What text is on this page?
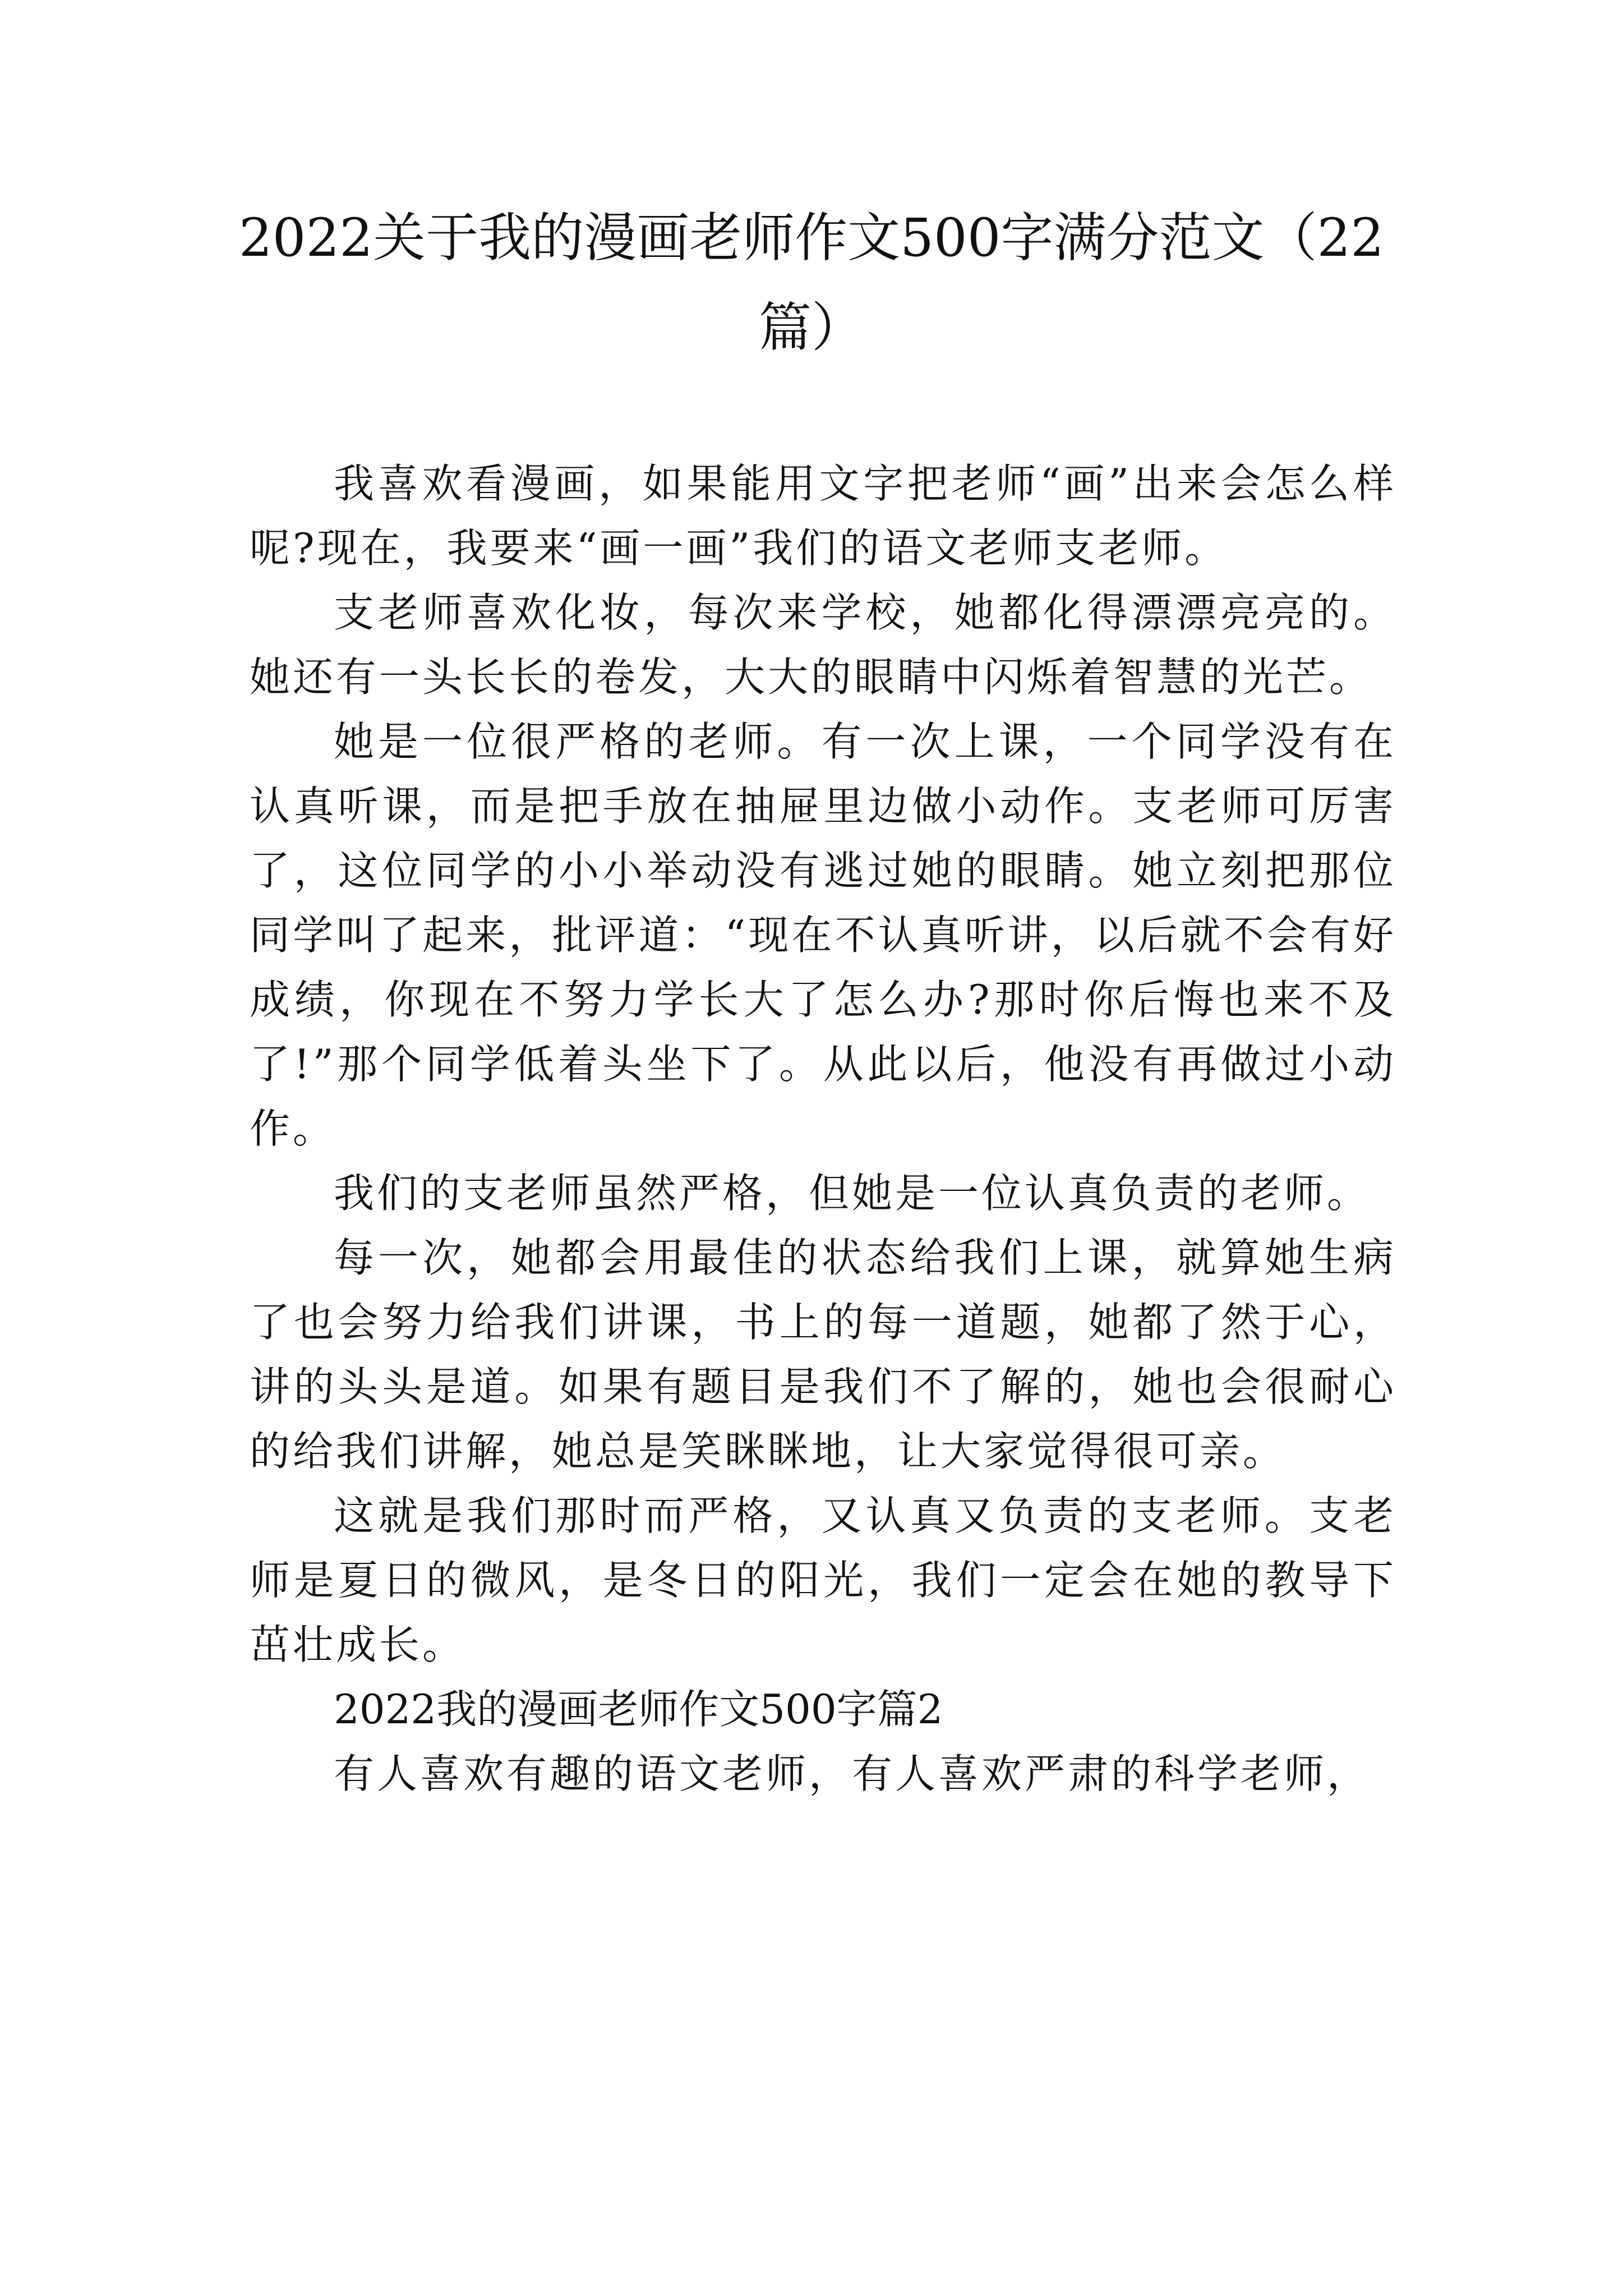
2022关于我的漫画老师作文500字满分范文（22篇）

我喜欢看漫画，如果能用文字把老师“画”出来会怎么样呢?现在，我要来“画一画”我们的语文老师支老师。

支老师喜欢化妆，每次来学校，她都化得漂漂亮亮的。她还有一头长长的卷发，大大的眼睛中闪烁着智慧的光芒。

她是一位很严格的老师。有一次上课，一个同学没有在认真听课，而是把手放在抽屉里边做小动作。支老师可厉害了，这位同学的小小举动没有逃过她的眼睛。她立刻把那位同学叫了起来，批评道：“现在不认真听讲，以后就不会有好成绩，你现在不努力学长大了怎么办?那时你后悔也来不及了!”那个同学低着头坐下了。从此以后，他没有再做过小动作。

我们的支老师虽然严格，但她是一位认真负责的老师。

每一次，她都会用最佳的状态给我们上课，就算她生病了也会努力给我们讲课，书上的每一道题，她都了然于心，讲的头头是道。如果有题目是我们不了解的，她也会很耐心的给我们讲解，她总是笑眯眯地，让大家觉得很可亲。

这就是我们那时而严格，又认真又负责的支老师。支老师是夏日的微风，是冬日的阳光，我们一定会在她的教导下茁壮成长。

2022我的漫画老师作文500字篇2

有人喜欢有趣的语文老师，有人喜欢严肃的科学老师，
